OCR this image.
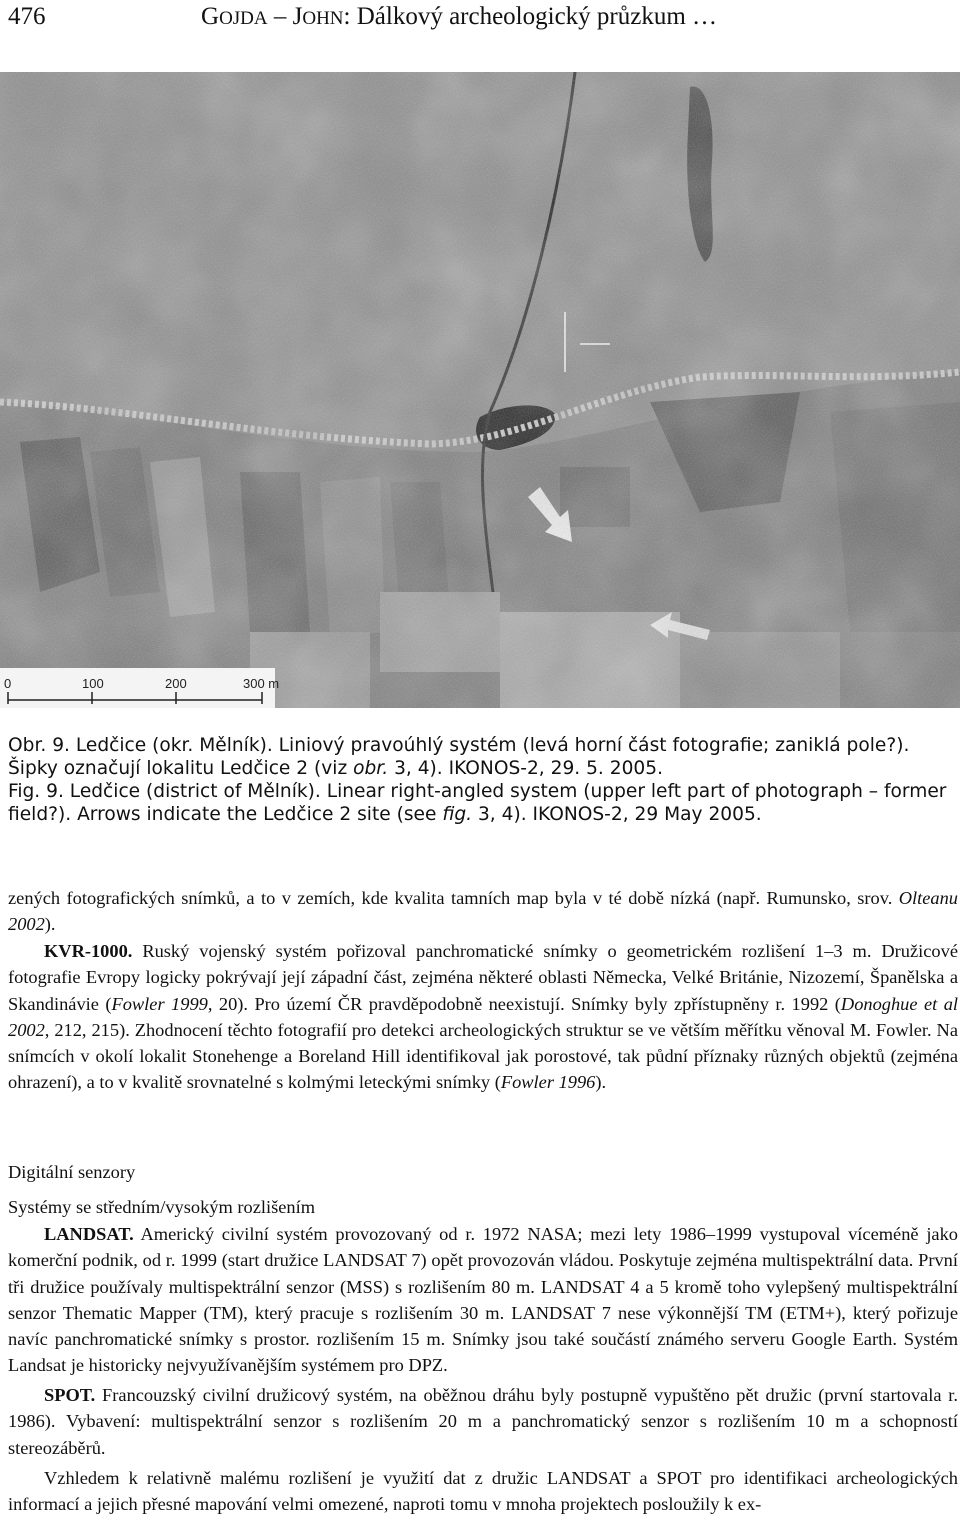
476	GOJDA – JOHN: Dálkový archeologický průzkum …
0	100	200	300 m
Obr. 9. Ledčice (okr. Mělník). Liniový pravoúhlý systém (levá horní část fotografie; zaniklá pole?). Šipky označují lokalitu Ledčice 2 (viz obr. 3, 4). IKONOS-2, 29. 5. 2005.
Fig. 9. Ledčice (district of Mělník). Linear right-angled system (upper left part of photograph – former field?). Arrows indicate the Ledčice 2 site (see fig. 3, 4). IKONOS-2, 29 May 2005.

zených fotografických snímků, a to v zemích, kde kvalita tamních map byla v té době nízká (např. Rumunsko, srov. Olteanu 2002).

KVR-1000. Ruský vojenský systém pořizoval panchromatické snímky o geometrickém rozlišení 1–3 m. Družicové fotografie Evropy logicky pokrývají její západní část, zejména některé oblasti Německa, Velké Británie, Nizozemí, Španělska a Skandinávie (Fowler 1999, 20). Pro území ČR pravděpodobně neexistují. Snímky byly zpřístupněny r. 1992 (Donoghue et al 2002, 212, 215). Zhodnocení těchto fotografií pro detekci archeologických struktur se ve větším měřítku věnoval M. Fowler. Na snímcích v okolí lokalit Stonehenge a Boreland Hill identifikoval jak porostové, tak půdní příznaky různých objektů (zejména ohrazení), a to v kvalitě srovnatelné s kolmými leteckými snímky (Fowler 1996).

Digitální senzory
Systémy se středním/vysokým rozlišením

LANDSAT. Americký civilní systém provozovaný od r. 1972 NASA; mezi lety 1986–1999 vystupoval víceméně jako komerční podnik, od r. 1999 (start družice LANDSAT 7) opět provozován vládou. Poskytuje zejména multispektrální data. První tři družice používaly multispektrální senzor (MSS) s rozlišením 80 m. LANDSAT 4 a 5 kromě toho vylepšený multispektrální senzor Thematic Mapper (TM), který pracuje s rozlišením 30 m. LANDSAT 7 nese výkonnější TM (ETM+), který pořizuje navíc panchromatické snímky s prostor. rozlišením 15 m. Snímky jsou také součástí známého serveru Google Earth. Systém Landsat je historicky nejvyužívanějším systémem pro DPZ.

SPOT. Francouzský civilní družicový systém, na oběžnou dráhu byly postupně vypuštěno pět družic (první startovala r. 1986). Vybavení: multispektrální senzor s rozlišením 20 m a panchromatický senzor s rozlišením 10 m a schopností stereozáběrů.

Vzhledem k relativně malému rozlišení je využití dat z družic LANDSAT a SPOT pro identifikaci archeologických informací a jejich přesné mapování velmi omezené, naproti tomu v mnoha projektech posloužily k ex-
